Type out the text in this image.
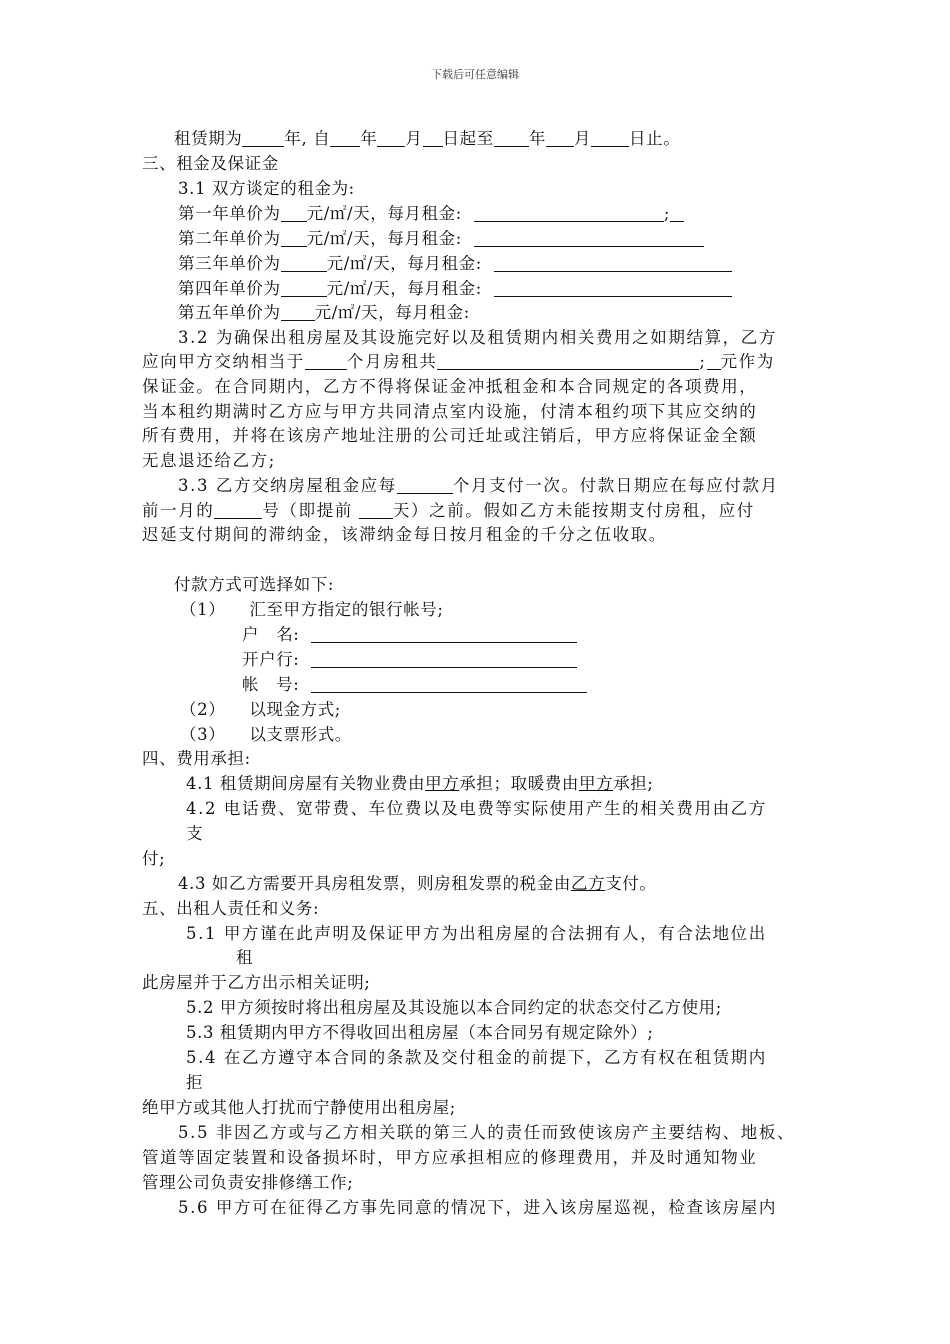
下载后可任意编辑
租赁期为	年, 自 年 月 日起至 年 月 日止。
三、租金及保证金
3.1 双方谈定的租金为:
第一年单价为 元/㎡/天，每月租金:	;
第二年单价为 元/㎡/天，每月租金:
第三年单价为	元/㎡/天，每月租金:
第四年单价为	元/㎡/天，每月租金:
第五年单价为 元/㎡/天，每月租金:
3.2 为确保出租房屋及其设施完好以及租赁期内相关费用之如期结算，乙方
应向甲方交纳相当于	个月房租共	; 元作为
保证金。在合同期内，乙方不得将保证金冲抵租金和本合同规定的各项费用，
当本租约期满时乙方应与甲方共同清点室内设施，付清本租约项下其应交纳的
所有费用，并将在该房产地址注册的公司迁址或注销后，甲方应将保证金全额
无息退还给乙方;
3.3 乙方交纳房屋租金应每	个月支付一次。付款日期应在每应付款月
前一月的	号（即提前 天）之前。假如乙方未能按期支付房租，应付
迟延支付期间的滞纳金，该滞纳金每日按月租金的千分之伍收取。
付款方式可选择如下:
（1） 汇至甲方指定的银行帐号;
户　名:
开户行:
帐　号:
（2） 以现金方式;
（3） 以支票形式。
四、费用承担:
4.1 租赁期间房屋有关物业费由甲方承担；取暖费由甲方承担;
4.2 电话费、宽带费、车位费以及电费等实际使用产生的相关费用由乙方
支
付;
4.3 如乙方需要开具房租发票，则房租发票的税金由乙方支付。
五、出租人责任和义务:
5.1 甲方谨在此声明及保证甲方为出租房屋的合法拥有人，有合法地位出
租
此房屋并于乙方出示相关证明;
5.2 甲方须按时将出租房屋及其设施以本合同约定的状态交付乙方使用;
5.3 租赁期内甲方不得收回出租房屋（本合同另有规定除外）;
5.4 在乙方遵守本合同的条款及交付租金的前提下，乙方有权在租赁期内
拒
绝甲方或其他人打扰而宁静使用出租房屋;
5.5 非因乙方或与乙方相关联的第三人的责任而致使该房产主要结构、地板、
管道等固定装置和设备损坏时，甲方应承担相应的修理费用，并及时通知物业
管理公司负责安排修缮工作;
5.6 甲方可在征得乙方事先同意的情况下，进入该房屋巡视，检查该房屋内
